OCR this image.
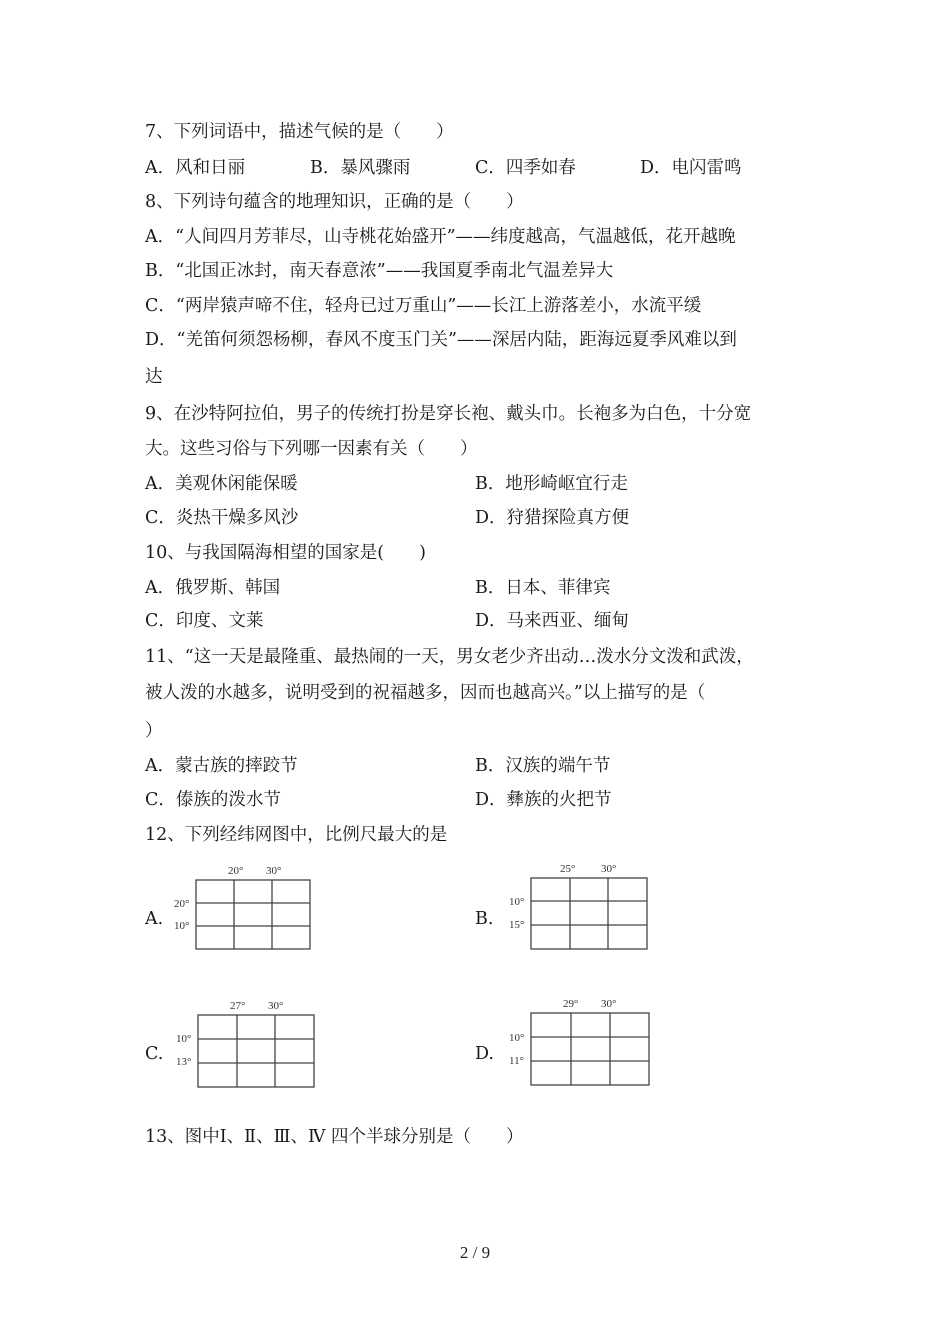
7、下列词语中，描述气候的是（　　）
A．风和日丽	B．暴风骤雨	C．四季如春	D．电闪雷鸣
8、下列诗句蕴含的地理知识，正确的是（　　）
A．“人间四月芳菲尽，山寺桃花始盛开”——纬度越高，气温越低，花开越晚
B．“北国正冰封，南天春意浓”——我国夏季南北气温差异大
C．“两岸猿声啼不住，轻舟已过万重山”——长江上游落差小，水流平缓
D．“羌笛何须怨杨柳，春风不度玉门关”——深居内陆，距海远夏季风难以到
达
9、在沙特阿拉伯，男子的传统打扮是穿长袍、戴头巾。长袍多为白色，十分宽
大。这些习俗与下列哪一因素有关（　　）
A．美观休闲能保暖	B．地形崎岖宜行走
C．炎热干燥多风沙	D．狩猎探险真方便
10、与我国隔海相望的国家是(　　)
A．俄罗斯、韩国	B．日本、菲律宾
C．印度、文莱	D．马来西亚、缅甸
11、“这一天是最隆重、最热闹的一天，男女老少齐出动…泼水分文泼和武泼，
被人泼的水越多，说明受到的祝福越多，因而也越高兴。”以上描写的是（
）
A．蒙古族的摔跤节	B．汉族的端午节
C．傣族的泼水节	D．彝族的火把节
12、下列经纬网图中，比例尺最大的是
A.
20° 30°
20°
10°	B.
25° 30°
10°
15°
C.
27° 30°
10°
13°	D.
29° 30°
10°
11°
13、图中Ⅰ、Ⅱ、Ⅲ、Ⅳ 四个半球分别是（　　）
2 / 9
